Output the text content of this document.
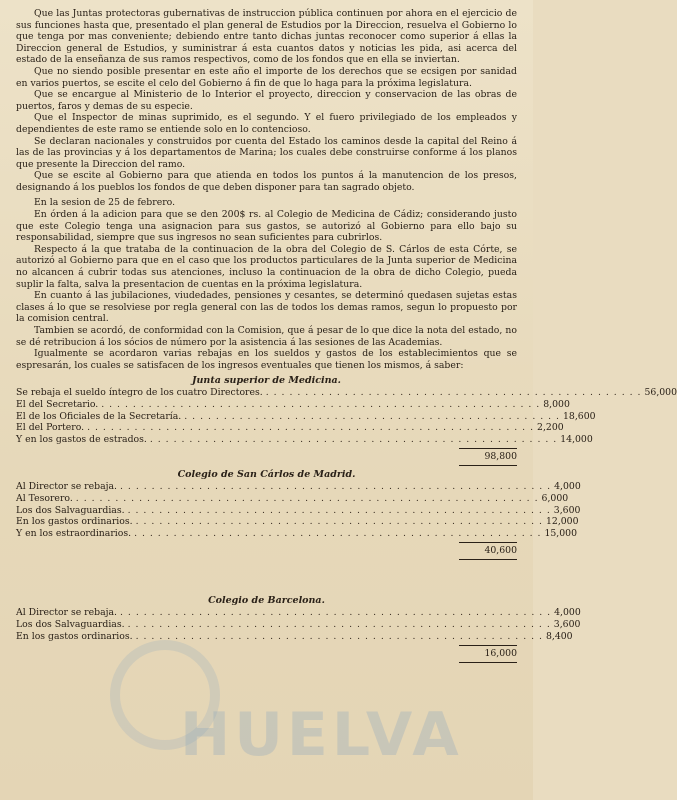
HUELVA

Que las Juntas protectoras gubernativas de instruccion pública continuen por ahora en el ejercicio de sus funciones hasta que, presentado el plan general de Estudios por la Direccion, resuelva el Gobierno lo que tenga por mas conveniente; debiendo entre tanto dichas juntas reconocer como superior á ellas la Direccion general de Estudios, y suministrar á esta cuantos datos y noticias les pida, asi acerca del estado de la enseñanza de sus ramos respectivos, como de los fondos que en ella se inviertan.

Que no siendo posible presentar en este año el importe de los derechos que se ecsigen por sanidad en varios puertos, se escite el celo del Gobierno á fin de que lo haga para la próxima legislatura.

Que se encargue al Ministerio de lo Interior el proyecto, direccion y conservacion de las obras de puertos, faros y demas de su especie.

Que el Inspector de minas suprimido, es el segundo. Y el fuero privilegiado de los empleados y dependientes de este ramo se entiende solo en lo contencioso.

Se declaran nacionales y construidos por cuenta del Estado los caminos desde la capital del Reino á las de las provincias y á los departamentos de Marina; los cuales debe construirse conforme á los planos que presente la Direccion del ramo.

Que se escite al Gobierno para que atienda en todos los puntos á la manutencion de los presos, designando á los pueblos los fondos de que deben disponer para tan sagrado objeto.

En la sesion de 25 de febrero.

En órden á la adicion para que se den 200$ rs. al Colegio de Medicina de Cádiz; considerando justo que este Colegio tenga una asignacion para sus gastos, se autorizó al Gobierno para ello bajo su responsabilidad, siempre que sus ingresos no sean suficientes para cubrirlos.

Respecto á la que trataba de la continuacion de la obra del Colegio de S. Cárlos de esta Córte, se autorizó al Gobierno para que en el caso que los productos particulares de la Junta superior de Medicina no alcancen á cubrir todas sus atenciones, incluso la continuacion de la obra de dicho Colegio, pueda suplir la falta, salva la presentacion de cuentas en la próxima legislatura.

En cuanto á las jubilaciones, viudedades, pensiones y cesantes, se determinó quedasen sujetas estas clases á lo que se resolviese por regla general con las de todos los demas ramos, segun lo propuesto por la comision central.

Tambien se acordó, de conformidad con la Comision, que á pesar de lo que dice la nota del estado, no se dé retribucion á los sócios de número por la asistencia á las sesiones de las Academias.

Igualmente se acordaron varias rebajas en los sueldos y gastos de los establecimientos que se espresarán, los cuales se satisfacen de los ingresos eventuales que tienen los mismos, á saber:

Junta superior de Medicina.
Se rebaja el sueldo íntegro de los cuatro Directores. . . . . . . . . . . . . . . . . . . . . . . . . . . . . . . . . . . . . . . . . . . . . . . . . 56,000
El del Secretario. . . . . . . . . . . . . . . . . . . . . . . . . . . . . . . . . . . . . . . . . . . . . . . . . . . . . . . . . 8,000
El de los Oficiales de la Secretaría. . . . . . . . . . . . . . . . . . . . . . . . . . . . . . . . . . . . . . . . . . . . . . . . . 18,600
El del Portero. . . . . . . . . . . . . . . . . . . . . . . . . . . . . . . . . . . . . . . . . . . . . . . . . . . . . . . . . . 2,200
Y en los gastos de estrados. . . . . . . . . . . . . . . . . . . . . . . . . . . . . . . . . . . . . . . . . . . . . . . . . . . . . 14,000
98,800
Colegio de San Cárlos de Madrid.
Al Director se rebaja. . . . . . . . . . . . . . . . . . . . . . . . . . . . . . . . . . . . . . . . . . . . . . . . . . . . . . . . 4,000
Al Tesorero. . . . . . . . . . . . . . . . . . . . . . . . . . . . . . . . . . . . . . . . . . . . . . . . . . . . . . . . . . . . 6,000
Los dos Salvaguardias. . . . . . . . . . . . . . . . . . . . . . . . . . . . . . . . . . . . . . . . . . . . . . . . . . . . . . . 3,600
En los gastos ordinarios. . . . . . . . . . . . . . . . . . . . . . . . . . . . . . . . . . . . . . . . . . . . . . . . . . . . . 12,000
Y en los estraordinarios. . . . . . . . . . . . . . . . . . . . . . . . . . . . . . . . . . . . . . . . . . . . . . . . . . . . . 15,000
40,600
Colegio de Barcelona.
Al Director se rebaja. . . . . . . . . . . . . . . . . . . . . . . . . . . . . . . . . . . . . . . . . . . . . . . . . . . . . . . . 4,000
Los dos Salvaguardias. . . . . . . . . . . . . . . . . . . . . . . . . . . . . . . . . . . . . . . . . . . . . . . . . . . . . . . 3,600
En los gastos ordinarios. . . . . . . . . . . . . . . . . . . . . . . . . . . . . . . . . . . . . . . . . . . . . . . . . . . . . 8,400
16,000
